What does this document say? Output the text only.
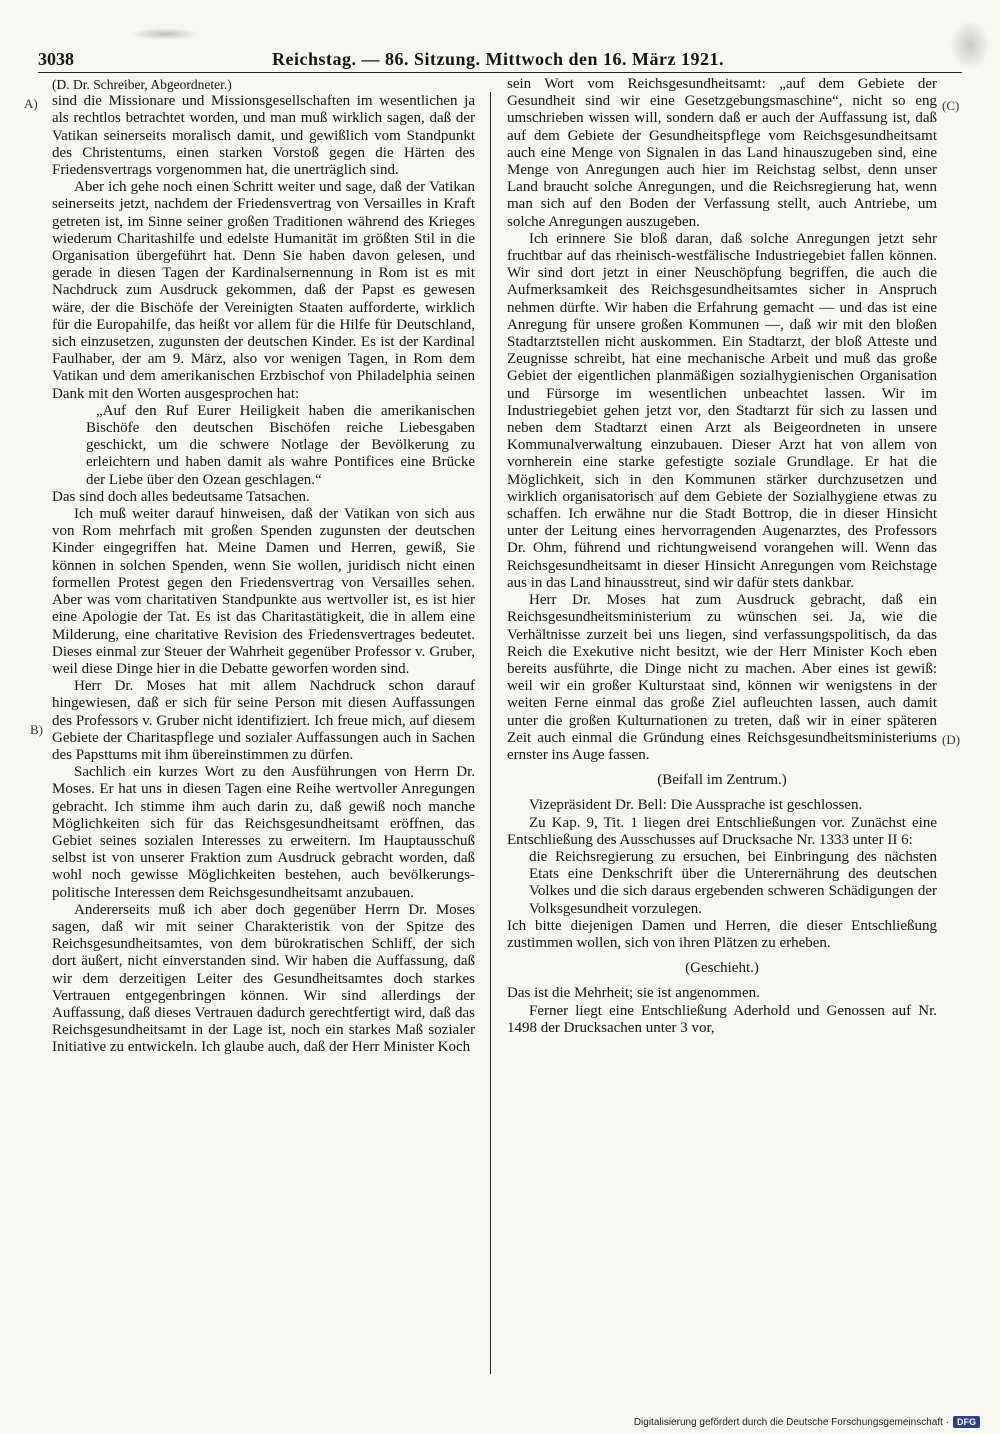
3038	Reichstag. — 86. Sitzung. Mittwoch den 16. März 1921.
A)
B)
(C)
(D)

(D. Dr. Schreiber, Abgeordneter.)

sind die Missionare und Missionsgesellschaften im wesentlichen ja als rechtlos betrachtet worden, und man muß wirklich sagen, daß der Vatikan seinerseits moralisch damit, und gewißlich vom Standpunkt des Christentums, einen starken Vorstoß gegen die Härten des Friedensvertrags vorgenommen hat, die unerträglich sind.

Aber ich gehe noch einen Schritt weiter und sage, daß der Vatikan seinerseits jetzt, nachdem der Friedensvertrag von Versailles in Kraft getreten ist, im Sinne seiner großen Traditionen während des Krieges wiederum Charitashilfe und edelste Humanität im größten Stil in die Organisation übergeführt hat. Denn Sie haben davon gelesen, und gerade in diesen Tagen der Kardinalsernennung in Rom ist es mit Nachdruck zum Ausdruck gekommen, daß der Papst es gewesen wäre, der die Bischöfe der Vereinigten Staaten aufforderte, wirklich für die Europahilfe, das heißt vor allem für die Hilfe für Deutschland, sich einzusetzen, zugunsten der deutschen Kinder. Es ist der Kardinal Faulhaber, der am 9. März, also vor wenigen Tagen, in Rom dem Vatikan und dem amerikanischen Erzbischof von Philadelphia seinen Dank mit den Worten ausgesprochen hat:

„Auf den Ruf Eurer Heiligkeit haben die amerikanischen Bischöfe den deutschen Bischöfen reiche Liebesgaben geschickt, um die schwere Notlage der Bevölkerung zu erleichtern und haben damit als wahre Pontifices eine Brücke der Liebe über den Ozean geschlagen.“

Das sind doch alles bedeutsame Tatsachen.

Ich muß weiter darauf hinweisen, daß der Vatikan von sich aus von Rom mehrfach mit großen Spenden zugunsten der deutschen Kinder eingegriffen hat. Meine Damen und Herren, gewiß, Sie können in solchen Spenden, wenn Sie wollen, juridisch nicht einen formellen Protest gegen den Friedensvertrag von Versailles sehen. Aber was vom charitativen Standpunkte aus wertvoller ist, es ist hier eine Apologie der Tat. Es ist das Charitastätigkeit, die in allem eine Milderung, eine charitative Revision des Friedensvertrages bedeutet. Dieses einmal zur Steuer der Wahrheit gegenüber Professor v. Gruber, weil diese Dinge hier in die Debatte geworfen worden sind.

Herr Dr. Moses hat mit allem Nachdruck schon darauf hingewiesen, daß er sich für seine Person mit diesen Auffassungen des Professors v. Gruber nicht identifiziert. Ich freue mich, auf diesem Gebiete der Charitaspflege und sozialer Auffassungen auch in Sachen des Papsttums mit ihm übereinstimmen zu dürfen.

Sachlich ein kurzes Wort zu den Ausführungen von Herrn Dr. Moses. Er hat uns in diesen Tagen eine Reihe wertvoller Anregungen gebracht. Ich stimme ihm auch darin zu, daß gewiß noch manche Möglichkeiten sich für das Reichsgesundheitsamt eröffnen, das Gebiet seines sozialen Interesses zu erweitern. Im Hauptausschuß selbst ist von unserer Fraktion zum Ausdruck gebracht worden, daß wohl noch gewisse Möglichkeiten bestehen, auch bevölkerungs-politische Interessen dem Reichsgesundheitsamt anzubauen.

Andererseits muß ich aber doch gegenüber Herrn Dr. Moses sagen, daß wir mit seiner Charakteristik von der Spitze des Reichsgesundheitsamtes, von dem bürokratischen Schliff, der sich dort äußert, nicht einverstanden sind. Wir haben die Auffassung, daß wir dem derzeitigen Leiter des Gesundheitsamtes doch starkes Vertrauen entgegenbringen können. Wir sind allerdings der Auffassung, daß dieses Vertrauen dadurch gerechtfertigt wird, daß das Reichsgesundheitsamt in der Lage ist, noch ein starkes Maß sozialer Initiative zu entwickeln. Ich glaube auch, daß der Herr Minister Koch

sein Wort vom Reichsgesundheitsamt: „auf dem Gebiete der Gesundheit sind wir eine Gesetzgebungsmaschine“, nicht so eng umschrieben wissen will, sondern daß er auch der Auffassung ist, daß auf dem Gebiete der Gesundheitspflege vom Reichsgesundheitsamt auch eine Menge von Signalen in das Land hinauszugeben sind, eine Menge von Anregungen auch hier im Reichstag selbst, denn unser Land braucht solche Anregungen, und die Reichsregierung hat, wenn man sich auf den Boden der Verfassung stellt, auch Antriebe, um solche Anregungen auszugeben.

Ich erinnere Sie bloß daran, daß solche Anregungen jetzt sehr fruchtbar auf das rheinisch-westfälische Industriegebiet fallen können. Wir sind dort jetzt in einer Neuschöpfung begriffen, die auch die Aufmerksamkeit des Reichsgesundheitsamtes sicher in Anspruch nehmen dürfte. Wir haben die Erfahrung gemacht — und das ist eine Anregung für unsere großen Kommunen —, daß wir mit den bloßen Stadtarztstellen nicht auskommen. Ein Stadtarzt, der bloß Atteste und Zeugnisse schreibt, hat eine mechanische Arbeit und muß das große Gebiet der eigentlichen planmäßigen sozialhygienischen Organisation und Fürsorge im wesentlichen unbeachtet lassen. Wir im Industriegebiet gehen jetzt vor, den Stadtarzt für sich zu lassen und neben dem Stadtarzt einen Arzt als Beigeordneten in unsere Kommunalverwaltung einzubauen. Dieser Arzt hat von allem von vornherein eine starke gefestigte soziale Grundlage. Er hat die Möglichkeit, sich in den Kommunen stärker durchzusetzen und wirklich organisatorisch auf dem Gebiete der Sozialhygiene etwas zu schaffen. Ich erwähne nur die Stadt Bottrop, die in dieser Hinsicht unter der Leitung eines hervorragenden Augenarztes, des Professors Dr. Ohm, führend und richtungweisend vorangehen will. Wenn das Reichsgesundheitsamt in dieser Hinsicht Anregungen vom Reichstage aus in das Land hinausstreut, sind wir dafür stets dankbar.

Herr Dr. Moses hat zum Ausdruck gebracht, daß ein Reichsgesundheitsministerium zu wünschen sei. Ja, wie die Verhältnisse zurzeit bei uns liegen, sind verfassungspolitisch, da das Reich die Exekutive nicht besitzt, wie der Herr Minister Koch eben bereits ausführte, die Dinge nicht zu machen. Aber eines ist gewiß: weil wir ein großer Kulturstaat sind, können wir wenigstens in der weiten Ferne einmal das große Ziel aufleuchten lassen, auch damit unter die großen Kulturnationen zu treten, daß wir in einer späteren Zeit auch einmal die Gründung eines Reichsgesundheitsministeriums ernster ins Auge fassen.

(Beifall im Zentrum.)

Vizepräsident Dr. Bell: Die Aussprache ist geschlossen.

Zu Kap. 9, Tit. 1 liegen drei Entschließungen vor. Zunächst eine Entschließung des Ausschusses auf Drucksache Nr. 1333 unter II 6:

die Reichsregierung zu ersuchen, bei Einbringung des nächsten Etats eine Denkschrift über die Unterernährung des deutschen Volkes und die sich daraus ergebenden schweren Schädigungen der Volksgesundheit vorzulegen.

Ich bitte diejenigen Damen und Herren, die dieser Entschließung zustimmen wollen, sich von ihren Plätzen zu erheben.

(Geschieht.)

Das ist die Mehrheit; sie ist angenommen.

Ferner liegt eine Entschließung Aderhold und Genossen auf Nr. 1498 der Drucksachen unter 3 vor,

Digitalisierung gefördert durch die Deutsche Forschungsgemeinschaft · DFG
